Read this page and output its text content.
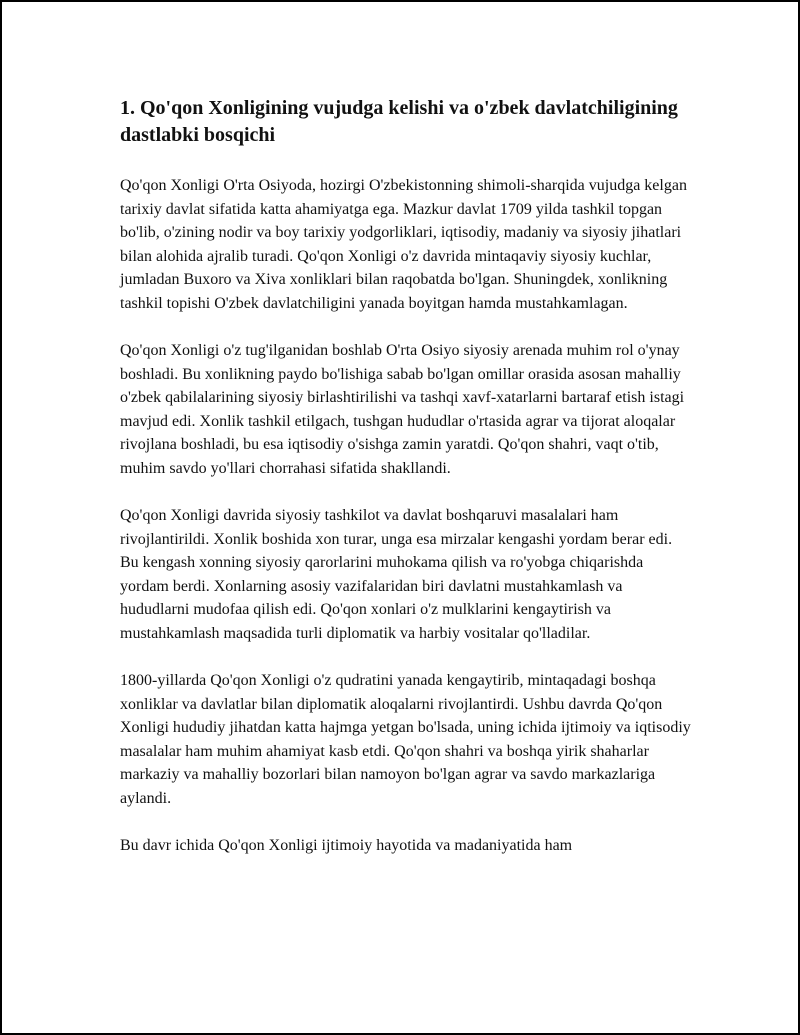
1. Qo'qon Xonligining vujudga kelishi va o'zbek davlatchiligining dastlabki bosqichi

Qo'qon Xonligi O'rta Osiyoda, hozirgi O'zbekistonning shimoli-sharqida vujudga kelgan tarixiy davlat sifatida katta ahamiyatga ega. Mazkur davlat 1709 yilda tashkil topgan bo'lib, o'zining nodir va boy tarixiy yodgorliklari, iqtisodiy, madaniy va siyosiy jihatlari bilan alohida ajralib turadi. Qo'qon Xonligi o'z davrida mintaqaviy siyosiy kuchlar, jumladan Buxoro va Xiva xonliklari bilan raqobatda bo'lgan. Shuningdek, xonlikning tashkil topishi O'zbek davlatchiligini yanada boyitgan hamda mustahkamlagan.

Qo'qon Xonligi o'z tug'ilganidan boshlab O'rta Osiyo siyosiy arenada muhim rol o'ynay boshladi. Bu xonlikning paydo bo'lishiga sabab bo'lgan omillar orasida asosan mahalliy o'zbek qabilalarining siyosiy birlashtirilishi va tashqi xavf-xatarlarni bartaraf etish istagi mavjud edi. Xonlik tashkil etilgach, tushgan hududlar o'rtasida agrar va tijorat aloqalar rivojlana boshladi, bu esa iqtisodiy o'sishga zamin yaratdi. Qo'qon shahri, vaqt o'tib, muhim savdo yo'llari chorrahasi sifatida shakllandi.

Qo'qon Xonligi davrida siyosiy tashkilot va davlat boshqaruvi masalalari ham rivojlantirildi. Xonlik boshida xon turar, unga esa mirzalar kengashi yordam berar edi. Bu kengash xonning siyosiy qarorlarini muhokama qilish va ro'yobga chiqarishda yordam berdi. Xonlarning asosiy vazifalaridan biri davlatni mustahkamlash va hududlarni mudofaa qilish edi. Qo'qon xonlari o'z mulklarini kengaytirish va mustahkamlash maqsadida turli diplomatik va harbiy vositalar qo'lladilar.

1800-yillarda Qo'qon Xonligi o'z qudratini yanada kengaytirib, mintaqadagi boshqa xonliklar va davlatlar bilan diplomatik aloqalarni rivojlantirdi. Ushbu davrda Qo'qon Xonligi hududiy jihatdan katta hajmga yetgan bo'lsada, uning ichida ijtimoiy va iqtisodiy masalalar ham muhim ahamiyat kasb etdi. Qo'qon shahri va boshqa yirik shaharlar markaziy va mahalliy bozorlari bilan namoyon bo'lgan agrar va savdo markazlariga aylandi.

Bu davr ichida Qo'qon Xonligi ijtimoiy hayotida va madaniyatida ham
